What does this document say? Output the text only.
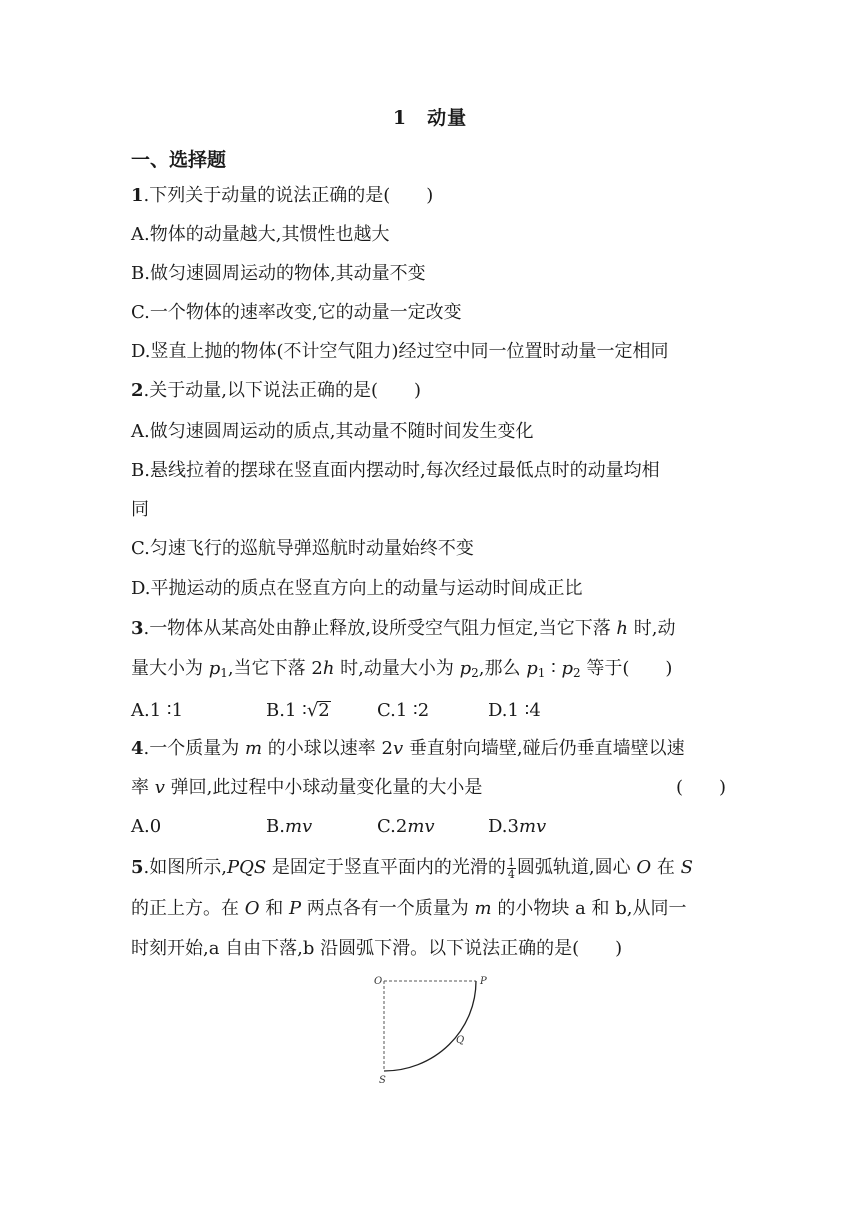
1 动量
一、选择题
1.下列关于动量的说法正确的是(　　)
A.物体的动量越大,其惯性也越大
B.做匀速圆周运动的物体,其动量不变
C.一个物体的速率改变,它的动量一定改变
D.竖直上抛的物体(不计空气阻力)经过空中同一位置时动量一定相同
2.关于动量,以下说法正确的是(　　)
A.做匀速圆周运动的质点,其动量不随时间发生变化
B.悬线拉着的摆球在竖直面内摆动时,每次经过最低点时的动量均相
同
C.匀速飞行的巡航导弹巡航时动量始终不变
D.平抛运动的质点在竖直方向上的动量与运动时间成正比
3.一物体从某高处由静止释放,设所受空气阻力恒定,当它下落 h 时,动
量大小为 $p_1$,当它下落 2h 时,动量大小为 $p_2$,那么 $p_1$ ∶ $p_2$ 等于(　　)
A.1 ∶1	B.1 ∶√2	C.1 ∶2	D.1 ∶4
4.一个质量为 m 的小球以速率 2v 垂直射向墙壁,碰后仍垂直墙壁以速
率 v 弹回,此过程中小球动量变化量的大小是	(　　)
A.0	B.mv	C.2mv	D.3mv
5.如图所示,PQS 是固定于竖直平面内的光滑的 $\frac{1}{4}$ 圆弧轨道,圆心 O 在 S
的正上方。在 O 和 P 两点各有一个质量为 m 的小物块 a 和 b,从同一
时刻开始,a 自由下落,b 沿圆弧下滑。以下说法正确的是(　　)
O	P
Q
S
